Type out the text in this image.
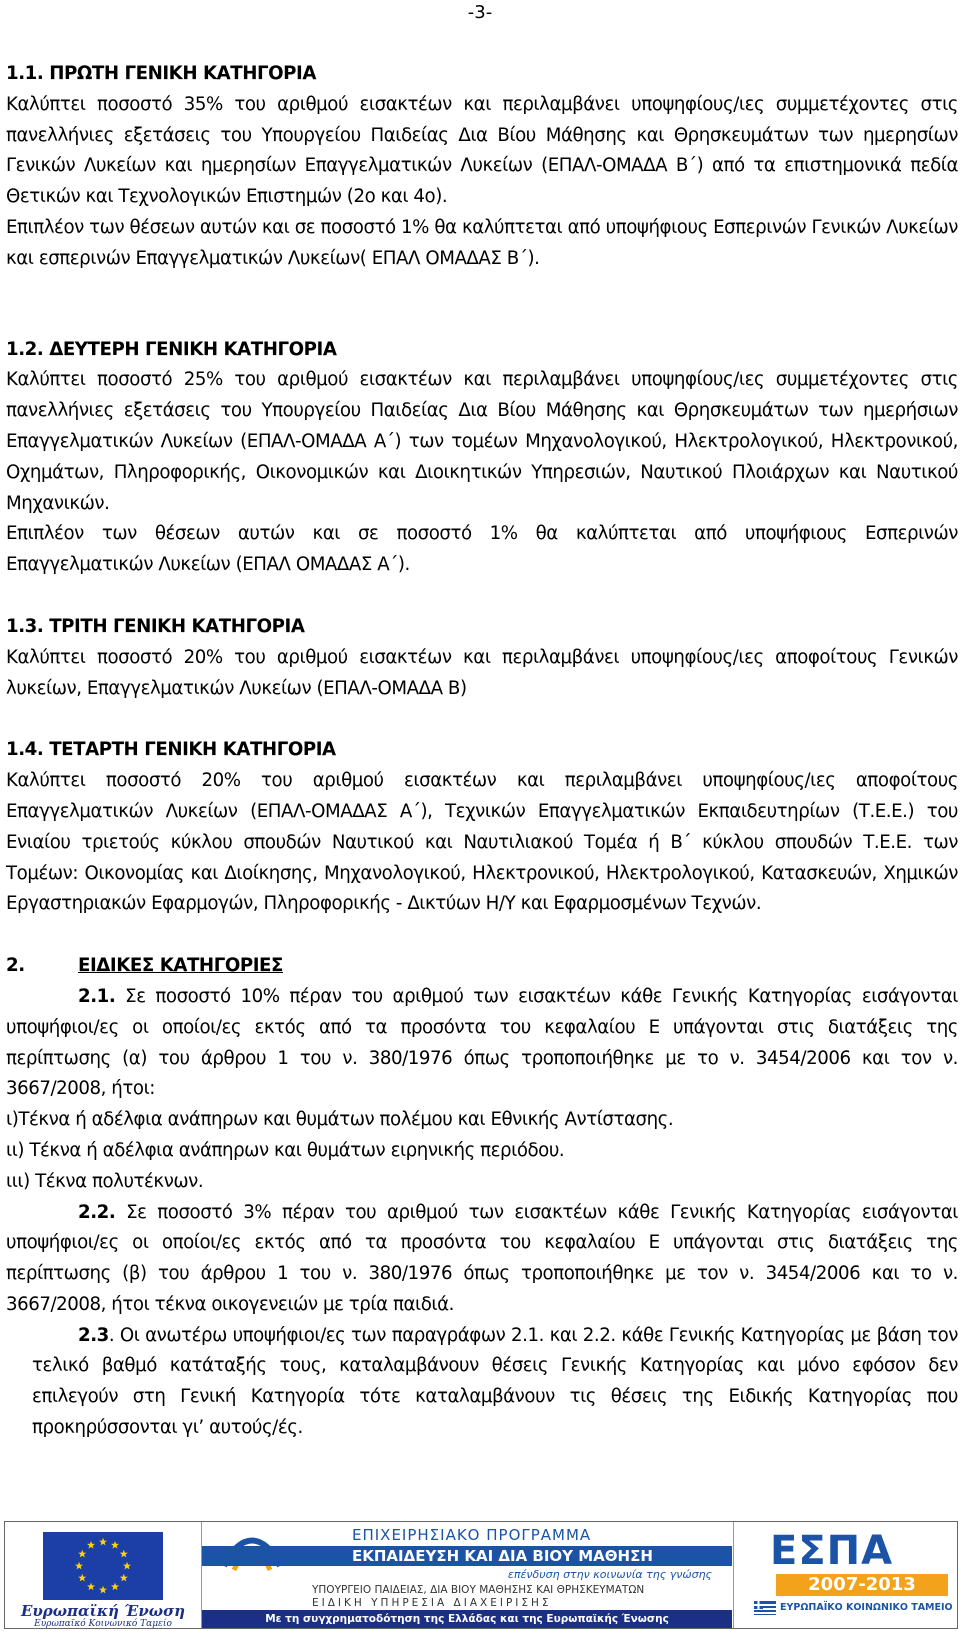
-3-
1.1. ΠΡΩΤΗ ΓΕΝΙΚΗ ΚΑΤΗΓΟΡΙΑ
Καλύπτει ποσοστό 35% του αριθμού εισακτέων και περιλαμβάνει υποψηφίους/ιες συμμετέχοντες στις πανελλήνιες εξετάσεις του Υπουργείου Παιδείας Δια Βίου Μάθησης και Θρησκευμάτων των ημερησίων Γενικών Λυκείων και ημερησίων Επαγγελματικών Λυκείων (ΕΠΑΛ-ΟΜΑΔΑ Β΄) από τα επιστημονικά πεδία Θετικών και Τεχνολογικών Επιστημών (2ο και 4ο).
Επιπλέον των θέσεων αυτών και σε ποσοστό 1% θα καλύπτεται από υποψήφιους Εσπερινών Γενικών Λυκείων και εσπερινών Επαγγελματικών Λυκείων( ΕΠΑΛ ΟΜΑΔΑΣ Β΄).
1.2. ΔΕΥΤΕΡΗ ΓΕΝΙΚΗ ΚΑΤΗΓΟΡΙΑ
Καλύπτει ποσοστό 25% του αριθμού εισακτέων και περιλαμβάνει υποψηφίους/ιες συμμετέχοντες στις πανελλήνιες εξετάσεις του Υπουργείου Παιδείας Δια Βίου Μάθησης και Θρησκευμάτων των ημερήσιων Επαγγελματικών Λυκείων (ΕΠΑΛ-ΟΜΑΔΑ Α΄) των τομέων Μηχανολογικού, Ηλεκτρολογικού, Ηλεκτρονικού, Οχημάτων, Πληροφορικής, Οικονομικών και Διοικητικών Υπηρεσιών, Ναυτικού Πλοιάρχων και Ναυτικού Μηχανικών.
Επιπλέον των θέσεων αυτών και σε ποσοστό 1% θα καλύπτεται από υποψήφιους Εσπερινών Επαγγελματικών Λυκείων (ΕΠΑΛ ΟΜΑΔΑΣ Α΄).
1.3. ΤΡΙΤΗ ΓΕΝΙΚΗ ΚΑΤΗΓΟΡΙΑ
Καλύπτει ποσοστό 20% του αριθμού εισακτέων και περιλαμβάνει υποψηφίους/ιες αποφοίτους Γενικών λυκείων, Επαγγελματικών Λυκείων (ΕΠΑΛ-ΟΜΑΔΑ Β)
1.4. ΤΕΤΑΡΤΗ ΓΕΝΙΚΗ ΚΑΤΗΓΟΡΙΑ
Καλύπτει ποσοστό 20% του αριθμού εισακτέων και περιλαμβάνει υποψηφίους/ιες αποφοίτους Επαγγελματικών Λυκείων (ΕΠΑΛ-ΟΜΑΔΑΣ Α΄), Τεχνικών Επαγγελματικών Εκπαιδευτηρίων (Τ.Ε.Ε.) του Ενιαίου τριετούς κύκλου σπουδών Ναυτικού και Ναυτιλιακού Τομέα ή Β΄ κύκλου σπουδών Τ.Ε.Ε. των Τομέων: Οικονομίας και Διοίκησης, Μηχανολογικού, Ηλεκτρονικού, Ηλεκτρολογικού, Κατασκευών, Χημικών Εργαστηριακών Εφαρμογών, Πληροφορικής - Δικτύων Η/Υ και Εφαρμοσμένων Τεχνών.
2.	ΕΙΔΙΚΕΣ ΚΑΤΗΓΟΡΙΕΣ
2.1. Σε ποσοστό 10% πέραν του αριθμού των εισακτέων κάθε Γενικής Κατηγορίας εισάγονται υποψήφιοι/ες οι οποίοι/ες εκτός από τα προσόντα του κεφαλαίου Ε υπάγονται στις διατάξεις της περίπτωσης (α) του άρθρου 1 του ν. 380/1976 όπως τροποποιήθηκε με το ν. 3454/2006 και τον ν. 3667/2008, ήτοι:
ι)Τέκνα ή αδέλφια ανάπηρων και θυμάτων πολέμου και Εθνικής Αντίστασης.
ιι) Τέκνα ή αδέλφια ανάπηρων και θυμάτων ειρηνικής περιόδου.
ιιι) Τέκνα πολυτέκνων.
2.2. Σε ποσοστό 3% πέραν του αριθμού των εισακτέων κάθε Γενικής Κατηγορίας εισάγονται υποψήφιοι/ες οι οποίοι/ες εκτός από τα προσόντα του κεφαλαίου Ε υπάγονται στις διατάξεις της περίπτωσης (β) του άρθρου 1 του ν. 380/1976 όπως τροποποιήθηκε με τον ν. 3454/2006 και το ν. 3667/2008, ήτοι τέκνα οικογενειών με τρία παιδιά.
2.3. Οι ανωτέρω υποψήφιοι/ες των παραγράφων 2.1. και 2.2. κάθε Γενικής Κατηγορίας με βάση τον τελικό βαθμό κατάταξής τους, καταλαμβάνουν θέσεις Γενικής Κατηγορίας και μόνο εφόσον δεν επιλεγούν στη Γενική Κατηγορία τότε καταλαμβάνουν τις θέσεις της Ειδικής Κατηγορίας που προκηρύσσονται γι’ αυτούς/ές.
Ευρωπαϊκή Ένωση
Ευρωπαϊκό Κοινωνικό Ταμείο
ΕΠΙΧΕΙΡΗΣΙΑΚΟ ΠΡΟΓΡΑΜΜΑ
ΕΚΠΑΙΔΕΥΣΗ ΚΑΙ ΔΙΑ ΒΙΟΥ ΜΑΘΗΣΗ
επένδυση στην κοινωνία της γνώσης
ΥΠΟΥΡΓΕΙΟ ΠΑΙΔΕΙΑΣ, ΔΙΑ ΒΙΟΥ ΜΑΘΗΣΗΣ ΚΑΙ ΘΡΗΣΚΕΥΜΑΤΩΝ
ΕΙΔΙΚΗ ΥΠΗΡΕΣΙΑ ΔΙΑΧΕΙΡΙΣΗΣ
Με τη συγχρηματοδότηση της Ελλάδας και της Ευρωπαϊκής Ένωσης
ΕΣΠΑ
2007-2013
ΕΥΡΩΠΑΪΚΟ ΚΟΙΝΩΝΙΚΟ ΤΑΜΕΙΟ
